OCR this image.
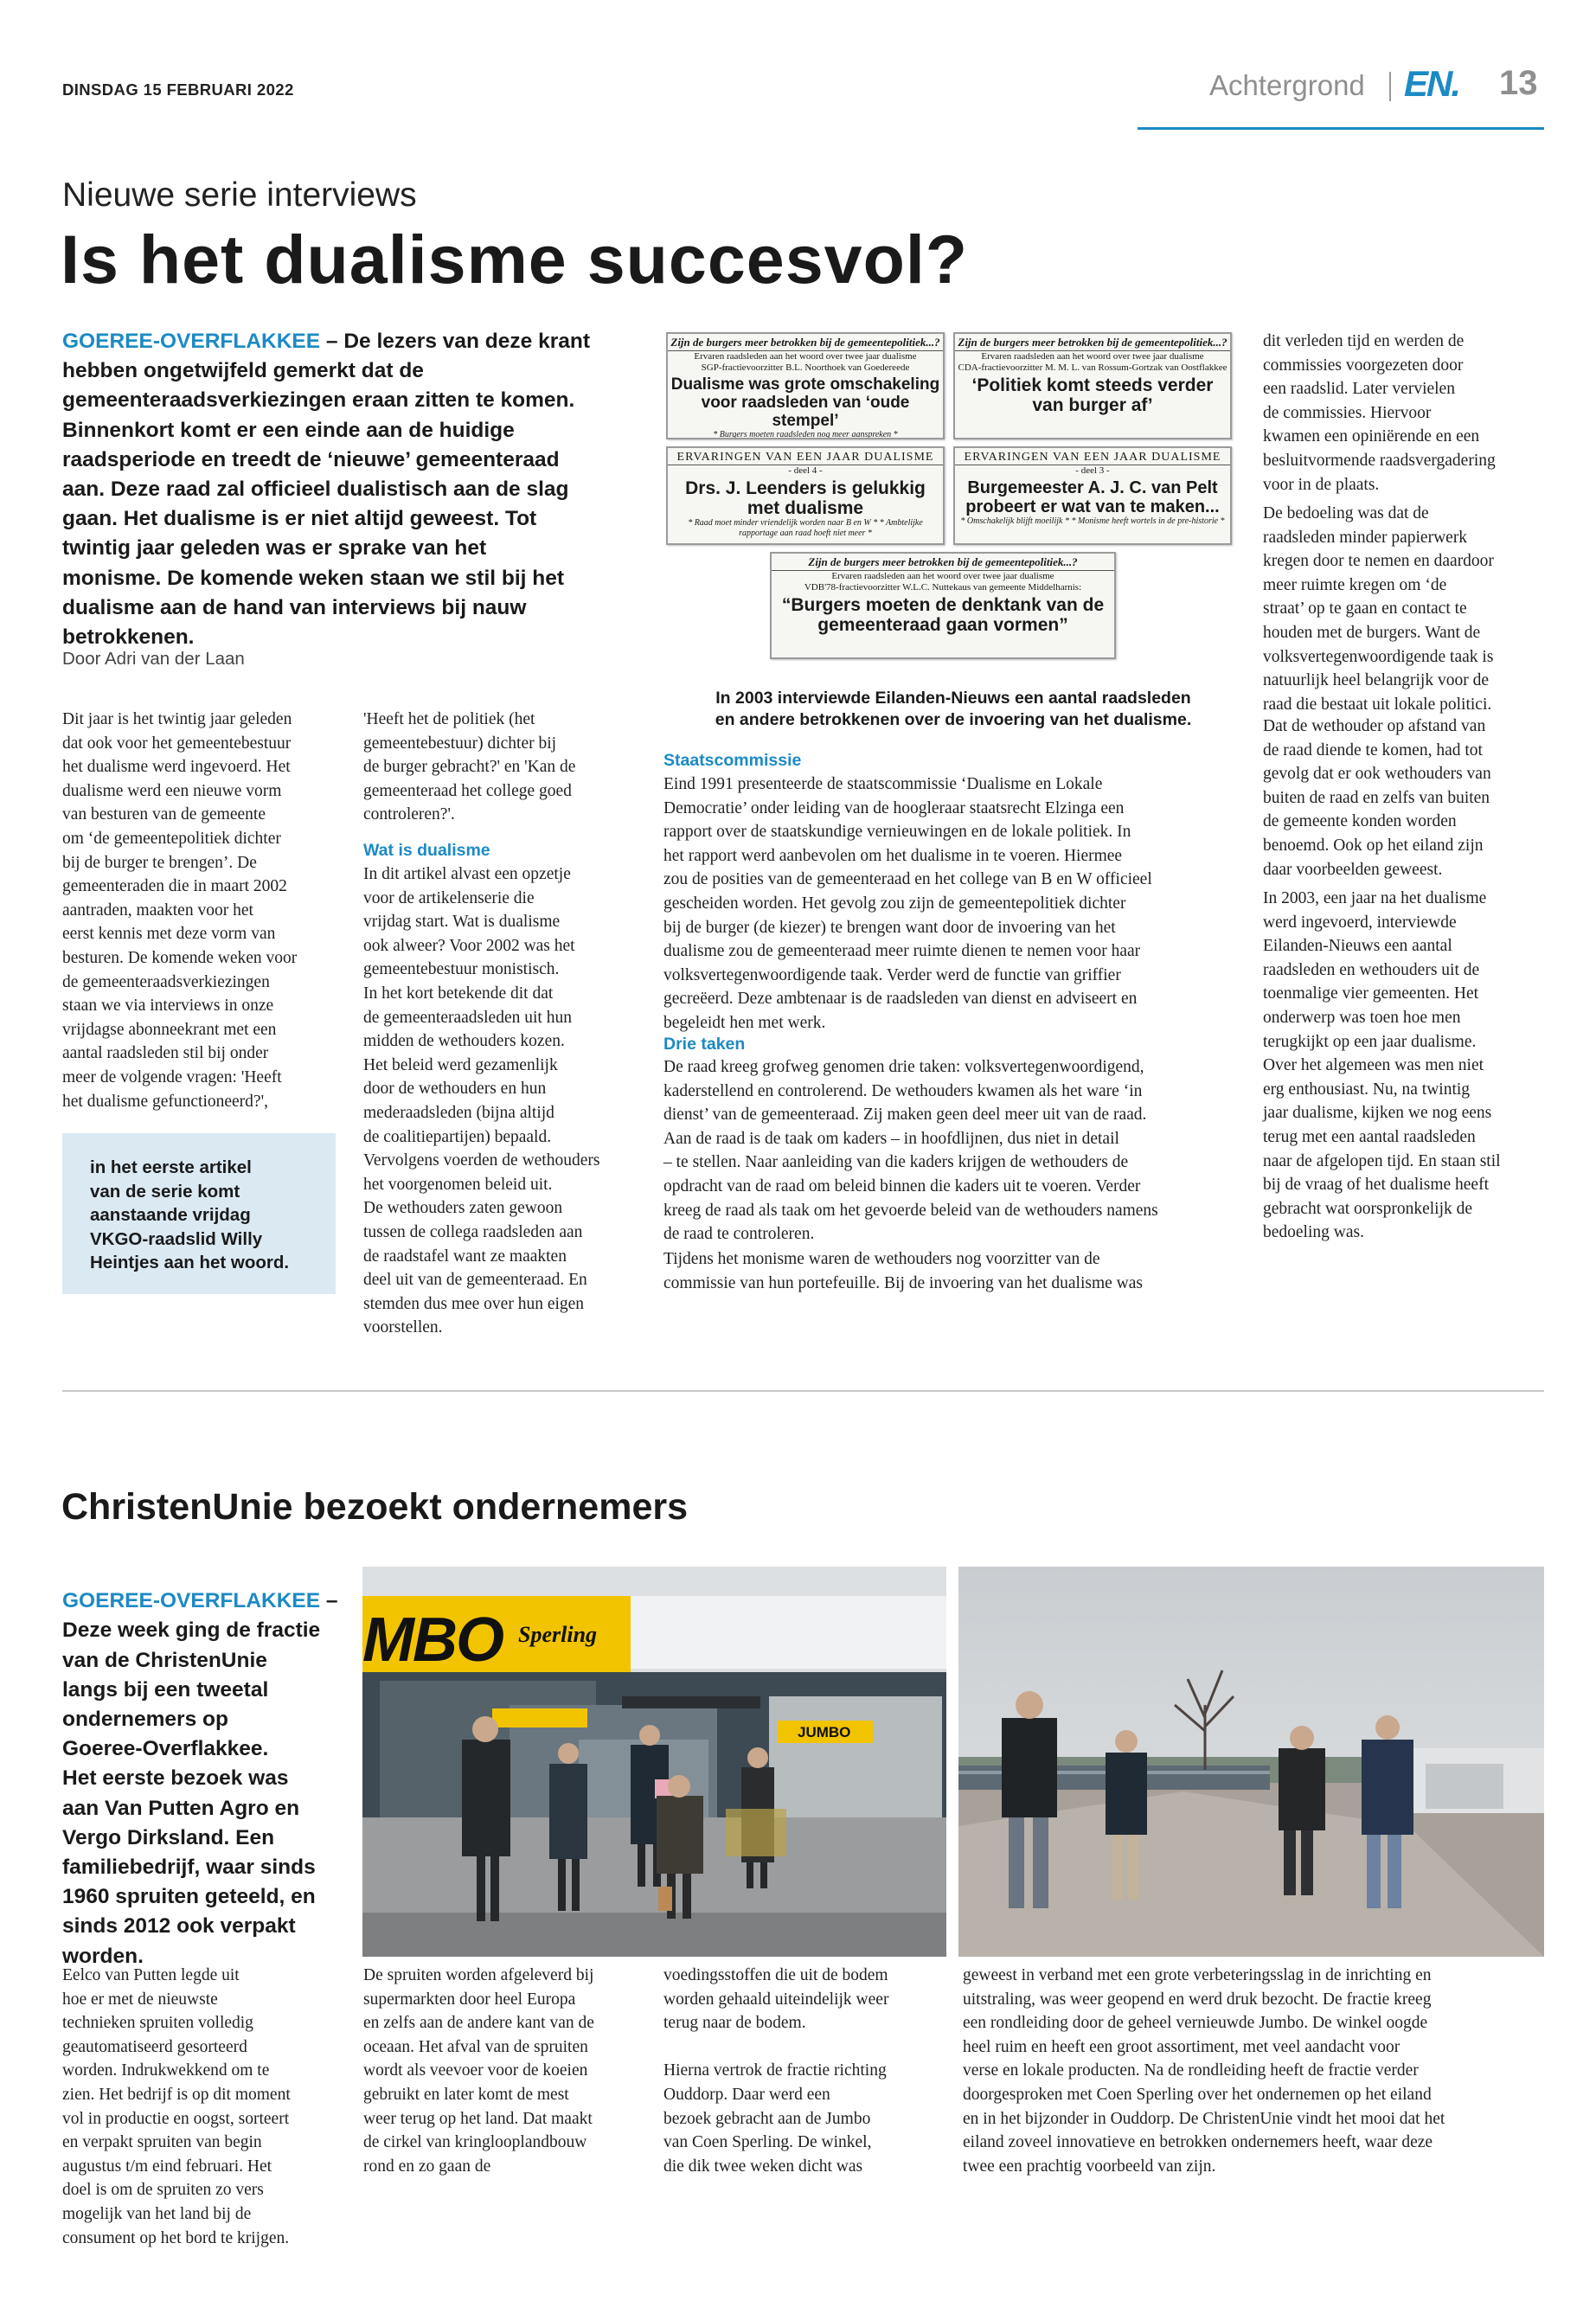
DINSDAG 15 FEBRUARI 2022	Achtergrond EN. 13
Nieuwe serie interviews
Is het dualisme succesvol?
GOEREE-OVERFLAKKEE – De lezers van deze krant hebben ongetwijfeld gemerkt dat de gemeenteraadsverkiezingen eraan zitten te komen. Binnenkort komt er een einde aan de huidige raadsperiode en treedt de ‘nieuwe’ gemeenteraad aan. Deze raad zal officieel dualistisch aan de slag gaan. Het dualisme is er niet altijd geweest. Tot twintig jaar geleden was er sprake van het monisme. De komende weken staan we stil bij het dualisme aan de hand van interviews bij nauw betrokkenen.
Door Adri van der Laan
Dit jaar is het twintig jaar geleden
dat ook voor het gemeentebestuur
het dualisme werd ingevoerd. Het
dualisme werd een nieuwe vorm
van besturen van de gemeente
om ‘de gemeentepolitiek dichter
bij de burger te brengen’. De
gemeenteraden die in maart 2002
aantraden, maakten voor het
eerst kennis met deze vorm van
besturen. De komende weken voor
de gemeenteraadsverkiezingen
staan we via interviews in onze
vrijdagse abonneekrant met een
aantal raadsleden stil bij onder
meer de volgende vragen: 'Heeft
het dualisme gefunctioneerd?',
in het eerste artikel
van de serie komt
aanstaande vrijdag
VKGO-raadslid Willy
Heintjes aan het woord.
'Heeft het de politiek (het
gemeentebestuur) dichter bij
de burger gebracht?' en 'Kan de
gemeenteraad het college goed
controleren?'.
Wat is dualisme
In dit artikel alvast een opzetje
voor de artikelenserie die
vrijdag start. Wat is dualisme
ook alweer? Voor 2002 was het
gemeentebestuur monistisch.
In het kort betekende dit dat
de gemeenteraadsleden uit hun
midden de wethouders kozen.
Het beleid werd gezamenlijk
door de wethouders en hun
mederaadsleden (bijna altijd
de coalitiepartijen) bepaald.
Vervolgens voerden de wethouders
het voorgenomen beleid uit.
De wethouders zaten gewoon
tussen de collega raadsleden aan
de raadstafel want ze maakten
deel uit van de gemeenteraad. En
stemden dus mee over hun eigen
voorstellen.
Zijn de burgers meer betrokken bij de gemeentepolitiek...?
Ervaren raadsleden aan het woord over twee jaar dualisme
SGP-fractievoorzitter B.L. Noorthoek van Goedereede
Dualisme was grote omschakeling voor raadsleden van ‘oude stempel’
* Burgers moeten raadsleden nog meer aanspreken *
Zijn de burgers meer betrokken bij de gemeentepolitiek...?
Ervaren raadsleden aan het woord over twee jaar dualisme
CDA-fractievoorzitter M. M. L. van Rossum-Gortzak van Oostflakkee
‘Politiek komt steeds verder van burger af’
ERVARINGEN VAN EEN JAAR DUALISME
- deel 4 -
Drs. J. Leenders is gelukkig met dualisme
* Raad moet minder vriendelijk worden naar B en W * * Ambtelijke rapportage aan raad hoeft niet meer *
ERVARINGEN VAN EEN JAAR DUALISME
- deel 3 -
Burgemeester A. J. C. van Pelt probeert er wat van te maken...
* Omschakelijk blijft moeilijk * * Monisme heeft wortels in de pre-historie *
Zijn de burgers meer betrokken bij de gemeentepolitiek...?
Ervaren raadsleden aan het woord over twee jaar dualisme
VDB'78-fractievoorzitter W.L.C. Nuttekaus van gemeente Middelharnis:
“Burgers moeten de denktank van de gemeenteraad gaan vormen”
In 2003 interviewde Eilanden-Nieuws een aantal raadsleden
en andere betrokkenen over de invoering van het dualisme.
Staatscommissie
Eind 1991 presenteerde de staatscommissie ‘Dualisme en Lokale
Democratie’ onder leiding van de hoogleraar staatsrecht Elzinga een
rapport over de staatskundige vernieuwingen en de lokale politiek. In
het rapport werd aanbevolen om het dualisme in te voeren. Hiermee
zou de posities van de gemeenteraad en het college van B en W officieel
gescheiden worden. Het gevolg zou zijn de gemeentepolitiek dichter
bij de burger (de kiezer) te brengen want door de invoering van het
dualisme zou de gemeenteraad meer ruimte dienen te nemen voor haar
volksvertegenwoordigende taak. Verder werd de functie van griffier
gecreëerd. Deze ambtenaar is de raadsleden van dienst en adviseert en
begeleidt hen met werk.
Drie taken
De raad kreeg grofweg genomen drie taken: volksvertegenwoordigend,
kaderstellend en controlerend. De wethouders kwamen als het ware ‘in
dienst’ van de gemeenteraad. Zij maken geen deel meer uit van de raad.
Aan de raad is de taak om kaders – in hoofdlijnen, dus niet in detail
– te stellen. Naar aanleiding van die kaders krijgen de wethouders de
opdracht van de raad om beleid binnen die kaders uit te voeren. Verder
kreeg de raad als taak om het gevoerde beleid van de wethouders namens
de raad te controleren.
Tijdens het monisme waren de wethouders nog voorzitter van de
commissie van hun portefeuille. Bij de invoering van het dualisme was
dit verleden tijd en werden de
commissies voorgezeten door
een raadslid. Later vervielen
de commissies. Hiervoor
kwamen een opiniërende en een
besluitvormende raadsvergadering
voor in de plaats.
De bedoeling was dat de
raadsleden minder papierwerk
kregen door te nemen en daardoor
meer ruimte kregen om ‘de
straat’ op te gaan en contact te
houden met de burgers. Want de
volksvertegenwoordigende taak is
natuurlijk heel belangrijk voor de
raad die bestaat uit lokale politici.
Dat de wethouder op afstand van
de raad diende te komen, had tot
gevolg dat er ook wethouders van
buiten de raad en zelfs van buiten
de gemeente konden worden
benoemd. Ook op het eiland zijn
daar voorbeelden geweest.
In 2003, een jaar na het dualisme
werd ingevoerd, interviewde
Eilanden-Nieuws een aantal
raadsleden en wethouders uit de
toenmalige vier gemeenten. Het
onderwerp was toen hoe men
terugkijkt op een jaar dualisme.
Over het algemeen was men niet
erg enthousiast. Nu, na twintig
jaar dualisme, kijken we nog eens
terug met een aantal raadsleden
naar de afgelopen tijd. En staan stil
bij de vraag of het dualisme heeft
gebracht wat oorspronkelijk de
bedoeling was.
ChristenUnie bezoekt ondernemers

GOEREE-OVERFLAKKEE –
Deze week ging de fractie
van de ChristenUnie
langs bij een tweetal
ondernemers op
Goeree-Overflakkee.
Het eerste bezoek was
aan Van Putten Agro en
Vergo Dirksland. Een
familiebedrijf, waar sinds
1960 spruiten geteeld, en
sinds 2012 ook verpakt
worden.

Eelco van Putten legde uit
hoe er met de nieuwste
technieken spruiten volledig
geautomatiseerd gesorteerd
worden. Indrukwekkend om te
zien. Het bedrijf is op dit moment
vol in productie en oogst, sorteert
en verpakt spruiten van begin
augustus t/m eind februari. Het
doel is om de spruiten zo vers
mogelijk van het land bij de
consument op het bord te krijgen.
MBO Sperling
JUMBO
De spruiten worden afgeleverd bij
supermarkten door heel Europa
en zelfs aan de andere kant van de
oceaan. Het afval van de spruiten
wordt als veevoer voor de koeien
gebruikt en later komt de mest
weer terug op het land. Dat maakt
de cirkel van kringlooplandbouw
rond en zo gaan de
voedingsstoffen die uit de bodem
worden gehaald uiteindelijk weer
terug naar de bodem.

Hierna vertrok de fractie richting
Ouddorp. Daar werd een
bezoek gebracht aan de Jumbo
van Coen Sperling. De winkel,
die dik twee weken dicht was
geweest in verband met een grote verbeteringsslag in de inrichting en
uitstraling, was weer geopend en werd druk bezocht. De fractie kreeg
een rondleiding door de geheel vernieuwde Jumbo. De winkel oogde
heel ruim en heeft een groot assortiment, met veel aandacht voor
verse en lokale producten. Na de rondleiding heeft de fractie verder
doorgesproken met Coen Sperling over het ondernemen op het eiland
en in het bijzonder in Ouddorp. De ChristenUnie vindt het mooi dat het
eiland zoveel innovatieve en betrokken ondernemers heeft, waar deze
twee een prachtig voorbeeld van zijn.
